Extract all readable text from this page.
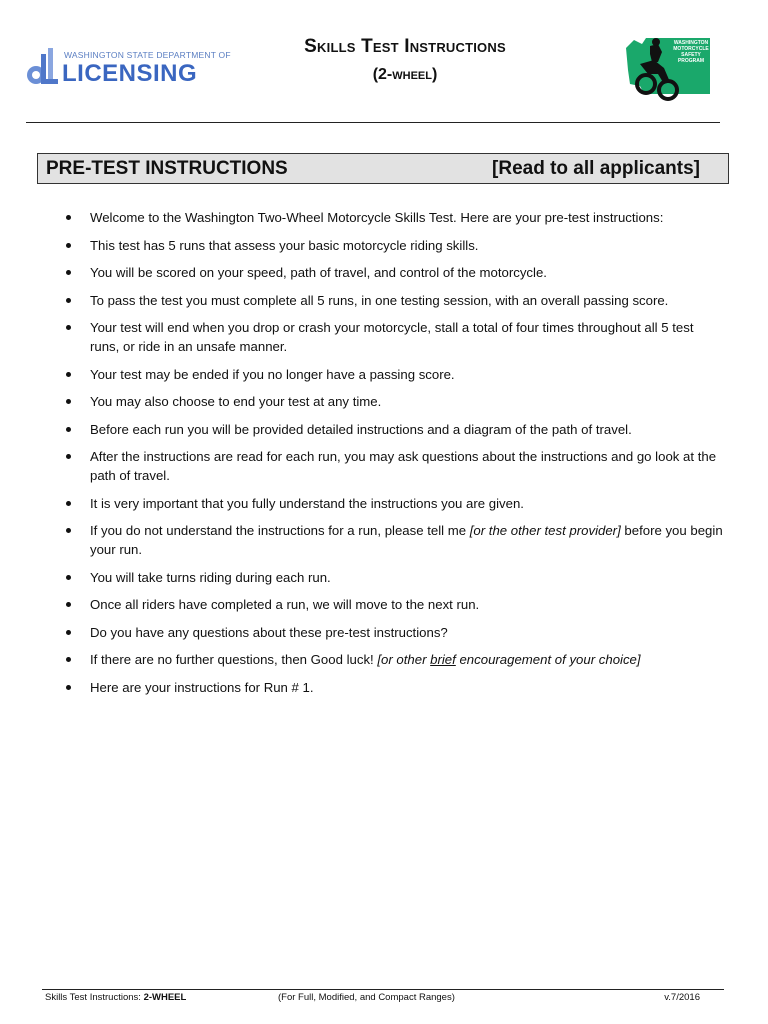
WASHINGTON STATE DEPARTMENT OF
LICENSING
Skills Test Instructions
(2-wheel)
WASHINGTON
MOTORCYCLE
SAFETY
PROGRAM
PRE-TEST INSTRUCTIONS	[Read to all applicants]
Welcome to the Washington Two-Wheel Motorcycle Skills Test. Here are your pre-test instructions:
This test has 5 runs that assess your basic motorcycle riding skills.
You will be scored on your speed, path of travel, and control of the motorcycle.
To pass the test you must complete all 5 runs, in one testing session, with an overall passing score.
Your test will end when you drop or crash your motorcycle, stall a total of four times throughout all 5 test runs, or ride in an unsafe manner.
Your test may be ended if you no longer have a passing score.
You may also choose to end your test at any time.
Before each run you will be provided detailed instructions and a diagram of the path of travel.
After the instructions are read for each run, you may ask questions about the instructions and go look at the path of travel.
It is very important that you fully understand the instructions you are given.
If you do not understand the instructions for a run, please tell me [or the other test provider] before you begin your run.
You will take turns riding during each run.
Once all riders have completed a run, we will move to the next run.
Do you have any questions about these pre-test instructions?
If there are no further questions, then Good luck! [or other brief encouragement of your choice]
Here are your instructions for Run # 1.
Skills Test Instructions: 2-WHEEL	(For Full, Modified, and Compact Ranges)	v.7/2016
